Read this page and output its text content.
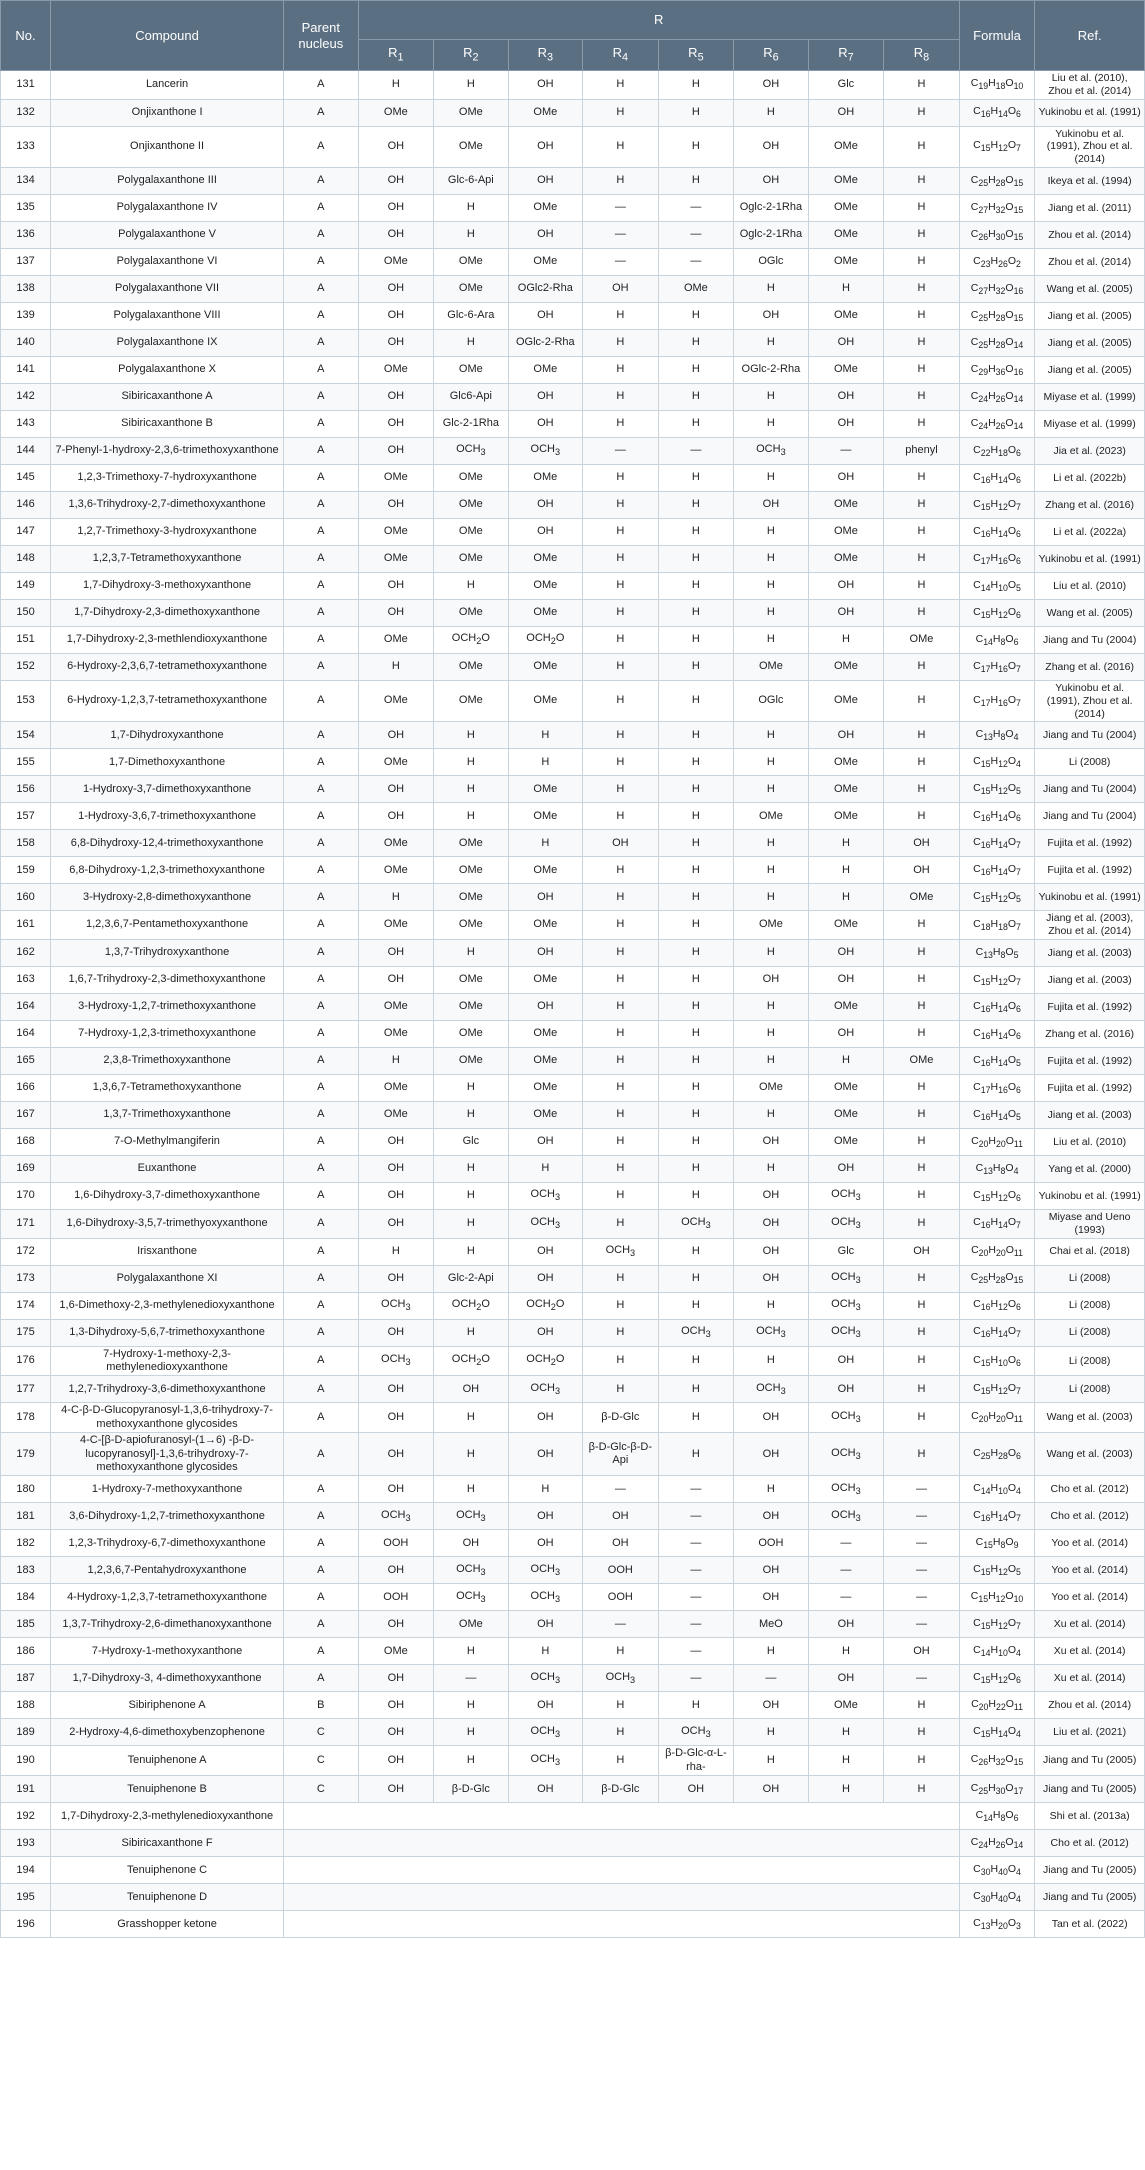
No.	Compound	Parent nucleus	R								Formula	Ref.
			$R_1$	$R_2$	$R_3$	$R_4$	$R_5$	$R_6$	$R_7$	$R_8$
131	Lancerin	A	H	H	OH	H	H	OH	Glc	H	$C_{19}H_{18}O_{10}$	Liu et al. (2010), Zhou et al. (2014)
132	Onjixanthone I	A	OMe	OMe	OMe	H	H	H	OH	H	$C_{16}H_{14}O_6$	Yukinobu et al. (1991)
133	Onjixanthone II	A	OH	OMe	OH	H	H	OH	OMe	H	$C_{15}H_{12}O_7$	Yukinobu et al. (1991), Zhou et al. (2014)
134	Polygalaxanthone III	A	OH	Glc-6-Api	OH	H	H	OH	OMe	H	$C_{25}H_{28}O_{15}$	Ikeya et al. (1994)
135	Polygalaxanthone IV	A	OH	H	OMe	—	—	Oglc-2-1Rha	OMe	H	$C_{27}H_{32}O_{15}$	Jiang et al. (2011)
136	Polygalaxanthone V	A	OH	H	OH	—	—	Oglc-2-1Rha	OMe	H	$C_{26}H_{30}O_{15}$	Zhou et al. (2014)
137	Polygalaxanthone VI	A	OMe	OMe	OMe	—	—	OGlc	OMe	H	$C_{23}H_{26}O_2$	Zhou et al. (2014)
138	Polygalaxanthone VII	A	OH	OMe	OGlc2-Rha	OH	OMe	H	H	H	$C_{27}H_{32}O_{16}$	Wang et al. (2005)
139	Polygalaxanthone VIII	A	OH	Glc-6-Ara	OH	H	H	OH	OMe	H	$C_{25}H_{28}O_{15}$	Jiang et al. (2005)
140	Polygalaxanthone IX	A	OH	H	OGlc-2-Rha	H	H	H	OH	H	$C_{25}H_{28}O_{14}$	Jiang et al. (2005)
141	Polygalaxanthone X	A	OMe	OMe	OMe	H	H	OGlc-2-Rha	OMe	H	$C_{29}H_{36}O_{16}$	Jiang et al. (2005)
142	Sibiricaxanthone A	A	OH	Glc6-Api	OH	H	H	H	OH	H	$C_{24}H_{26}O_{14}$	Miyase et al. (1999)
143	Sibiricaxanthone B	A	OH	Glc-2-1Rha	OH	H	H	H	OH	H	$C_{24}H_{26}O_{14}$	Miyase et al. (1999)
144	7-Phenyl-1-hydroxy-2,3,6-trimethoxyxanthone	A	OH	$OCH_3$	$OCH_3$	—	—	$OCH_3$	—	phenyl	$C_{22}H_{18}O_6$	Jia et al. (2023)
145	1,2,3-Trimethoxy-7-hydroxyxanthone	A	OMe	OMe	OMe	H	H	H	OH	H	$C_{16}H_{14}O_6$	Li et al. (2022b)
146	1,3,6-Trihydroxy-2,7-dimethoxyxanthone	A	OH	OMe	OH	H	H	OH	OMe	H	$C_{15}H_{12}O_7$	Zhang et al. (2016)
147	1,2,7-Trimethoxy-3-hydroxyxanthone	A	OMe	OMe	OH	H	H	H	OMe	H	$C_{16}H_{14}O_6$	Li et al. (2022a)
148	1,2,3,7-Tetramethoxyxanthone	A	OMe	OMe	OMe	H	H	H	OMe	H	$C_{17}H_{16}O_6$	Yukinobu et al. (1991)
149	1,7-Dihydroxy-3-methoxyxanthone	A	OH	H	OMe	H	H	H	OH	H	$C_{14}H_{10}O_5$	Liu et al. (2010)
150	1,7-Dihydroxy-2,3-dimethoxyxanthone	A	OH	OMe	OMe	H	H	H	OH	H	$C_{15}H_{12}O_6$	Wang et al. (2005)
151	1,7-Dihydroxy-2,3-methlendioxyxanthone	A	OMe	$OCH_2O$	$OCH_2O$	H	H	H	H	OMe	$C_{14}H_8O_6$	Jiang and Tu (2004)
152	6-Hydroxy-2,3,6,7-tetramethoxyxanthone	A	H	OMe	OMe	H	H	OMe	OMe	H	$C_{17}H_{16}O_7$	Zhang et al. (2016)
153	6-Hydroxy-1,2,3,7-tetramethoxyxanthone	A	OMe	OMe	OMe	H	H	OGlc	OMe	H	$C_{17}H_{16}O_7$	Yukinobu et al. (1991), Zhou et al. (2014)
154	1,7-Dihydroxyxanthone	A	OH	H	H	H	H	H	OH	H	$C_{13}H_8O_4$	Jiang and Tu (2004)
155	1,7-Dimethoxyxanthone	A	OMe	H	H	H	H	H	OMe	H	$C_{15}H_{12}O_4$	Li (2008)
156	1-Hydroxy-3,7-dimethoxyxanthone	A	OH	H	OMe	H	H	H	OMe	H	$C_{15}H_{12}O_5$	Jiang and Tu (2004)
157	1-Hydroxy-3,6,7-trimethoxyxanthone	A	OH	H	OMe	H	H	OMe	OMe	H	$C_{16}H_{14}O_6$	Jiang and Tu (2004)
158	6,8-Dihydroxy-12,4-trimethoxyxanthone	A	OMe	OMe	H	OH	H	H	H	OH	$C_{16}H_{14}O_7$	Fujita et al. (1992)
159	6,8-Dihydroxy-1,2,3-trimethoxyxanthone	A	OMe	OMe	OMe	H	H	H	H	OH	$C_{16}H_{14}O_7$	Fujita et al. (1992)
160	3-Hydroxy-2,8-dimethoxyxanthone	A	H	OMe	OH	H	H	H	H	OMe	$C_{15}H_{12}O_5$	Yukinobu et al. (1991)
161	1,2,3,6,7-Pentamethoxyxanthone	A	OMe	OMe	OMe	H	H	OMe	OMe	H	$C_{18}H_{18}O_7$	Jiang et al. (2003), Zhou et al. (2014)
162	1,3,7-Trihydroxyxanthone	A	OH	H	OH	H	H	H	OH	H	$C_{13}H_8O_5$	Jiang et al. (2003)
163	1,6,7-Trihydroxy-2,3-dimethoxyxanthone	A	OH	OMe	OMe	H	H	OH	OH	H	$C_{15}H_{12}O_7$	Jiang et al. (2003)
164	3-Hydroxy-1,2,7-trimethoxyxanthone	A	OMe	OMe	OH	H	H	H	OMe	H	$C_{16}H_{14}O_6$	Fujita et al. (1992)
164	7-Hydroxy-1,2,3-trimethoxyxanthone	A	OMe	OMe	OMe	H	H	H	OH	H	$C_{16}H_{14}O_6$	Zhang et al. (2016)
165	2,3,8-Trimethoxyxanthone	A	H	OMe	OMe	H	H	H	H	OMe	$C_{16}H_{14}O_5$	Fujita et al. (1992)
166	1,3,6,7-Tetramethoxyxanthone	A	OMe	H	OMe	H	H	OMe	OMe	H	$C_{17}H_{16}O_6$	Fujita et al. (1992)
167	1,3,7-Trimethoxyxanthone	A	OMe	H	OMe	H	H	H	OMe	H	$C_{16}H_{14}O_5$	Jiang et al. (2003)
168	7-O-Methylmangiferin	A	OH	Glc	OH	H	H	OH	OMe	H	$C_{20}H_{20}O_{11}$	Liu et al. (2010)
169	Euxanthone	A	OH	H	H	H	H	H	OH	H	$C_{13}H_8O_4$	Yang et al. (2000)
170	1,6-Dihydroxy-3,7-dimethoxyxanthone	A	OH	H	$OCH_3$	H	H	OH	$OCH_3$	H	$C_{15}H_{12}O_6$	Yukinobu et al. (1991)
171	1,6-Dihydroxy-3,5,7-trimethyoxyxanthone	A	OH	H	$OCH_3$	H	$OCH_3$	OH	$OCH_3$	H	$C_{16}H_{14}O_7$	Miyase and Ueno (1993)
172	Irisxanthone	A	H	H	OH	$OCH_3$	H	OH	Glc	OH	$C_{20}H_{20}O_{11}$	Chai et al. (2018)
173	Polygalaxanthone XI	A	OH	Glc-2-Api	OH	H	H	OH	$OCH_3$	H	$C_{25}H_{28}O_{15}$	Li (2008)
174	1,6-Dimethoxy-2,3-methylenedioxyxanthone	A	$OCH_3$	$OCH_2O$	$OCH_2O$	H	H	H	$OCH_3$	H	$C_{16}H_{12}O_6$	Li (2008)
175	1,3-Dihydroxy-5,6,7-trimethoxyxanthone	A	OH	H	OH	H	$OCH_3$	$OCH_3$	$OCH_3$	H	$C_{16}H_{14}O_7$	Li (2008)
176	7-Hydroxy-1-methoxy-2,3-methylenedioxyxanthone	A	$OCH_3$	$OCH_2O$	$OCH_2O$	H	H	H	OH	H	$C_{15}H_{10}O_6$	Li (2008)
177	1,2,7-Trihydroxy-3,6-dimethoxyxanthone	A	OH	OH	$OCH_3$	H	H	$OCH_3$	OH	H	$C_{15}H_{12}O_7$	Li (2008)
178	4-C-β-D-Glucopyranosyl-1,3,6-trihydroxy-7-methoxyxanthone glycosides	A	OH	H	OH	β-D-Glc	H	OH	$OCH_3$	H	$C_{20}H_{20}O_{11}$	Wang et al. (2003)
179	4-C-[β-D-apiofuranosyl-(1→6) -β-D-lucopyranosyl]-1,3,6-trihydroxy-7-methoxyxanthone glycosides	A	OH	H	OH	β-D-Glc-β-D-Api	H	OH	$OCH_3$	H	$C_{25}H_{28}O_6$	Wang et al. (2003)
180	1-Hydroxy-7-methoxyxanthone	A	OH	H	H	—	—	H	$OCH_3$	—	$C_{14}H_{10}O_4$	Cho et al. (2012)
181	3,6-Dihydroxy-1,2,7-trimethoxyxanthone	A	$OCH_3$	$OCH_3$	OH	OH	—	OH	$OCH_3$	—	$C_{16}H_{14}O_7$	Cho et al. (2012)
182	1,2,3-Trihydroxy-6,7-dimethoxyxanthone	A	OOH	OH	OH	OH	—	OOH	—	—	$C_{15}H_8O_9$	Yoo et al. (2014)
183	1,2,3,6,7-Pentahydroxyxanthone	A	OH	$OCH_3$	$OCH_3$	OOH	—	OH	—	—	$C_{15}H_{12}O_5$	Yoo et al. (2014)
184	4-Hydroxy-1,2,3,7-tetramethoxyxanthone	A	OOH	$OCH_3$	$OCH_3$	OOH	—	OH	—	—	$C_{15}H_{12}O_{10}$	Yoo et al. (2014)
185	1,3,7-Trihydroxy-2,6-dimethanoxyxanthone	A	OH	OMe	OH	—	—	MeO	OH	—	$C_{15}H_{12}O_7$	Xu et al. (2014)
186	7-Hydroxy-1-methoxyxanthone	A	OMe	H	H	H	—	H	H	OH	$C_{14}H_{10}O_4$	Xu et al. (2014)
187	1,7-Dihydroxy-3, 4-dimethoxyxanthone	A	OH	—	$OCH_3$	$OCH_3$	—	—	OH	—	$C_{15}H_{12}O_6$	Xu et al. (2014)
188	Sibiriphenone A	B	OH	H	OH	H	H	OH	OMe	H	$C_{20}H_{22}O_{11}$	Zhou et al. (2014)
189	2-Hydroxy-4,6-dimethoxybenzophenone	C	OH	H	$OCH_3$	H	$OCH_3$	H	H	H	$C_{15}H_{14}O_4$	Liu et al. (2021)
190	Tenuiphenone A	C	OH	H	$OCH_3$	H	β-D-Glc-α-L-rha-	H	H	H	$C_{26}H_{32}O_{15}$	Jiang and Tu (2005)
191	Tenuiphenone B	C	OH	β-D-Glc	OH	β-D-Glc	OH	OH	H	H	$C_{25}H_{30}O_{17}$	Jiang and Tu (2005)
192	1,7-Dihydroxy-2,3-methylenedioxyxanthone										$C_{14}H_8O_6$	Shi et al. (2013a)
193	Sibiricaxanthone F										$C_{24}H_{26}O_{14}$	Cho et al. (2012)
194	Tenuiphenone C										$C_{30}H_{40}O_4$	Jiang and Tu (2005)
195	Tenuiphenone D										$C_{30}H_{40}O_4$	Jiang and Tu (2005)
196	Grasshopper ketone										$C_{13}H_{20}O_3$	Tan et al. (2022)
